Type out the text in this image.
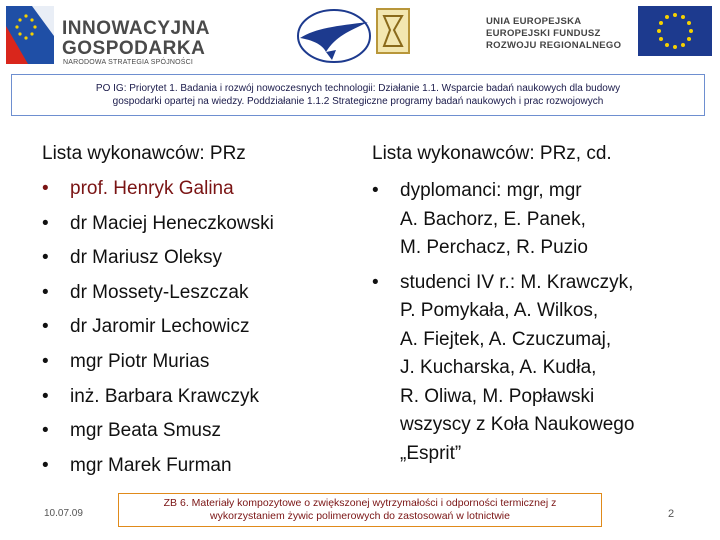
INNOWACYJNA
GOSPODARKA
NARODOWA STRATEGIA SPÓJNOŚCI
UNIA EUROPEJSKA
EUROPEJSKI FUNDUSZ
ROZWOJU REGIONALNEGO
PO IG: Priorytet 1. Badania i rozwój nowoczesnych technologii: Działanie 1.1. Wsparcie badań naukowych dla budowy
gospodarki opartej na wiedzy. Poddziałanie 1.1.2 Strategiczne programy badań naukowych i prac rozwojowych
Lista wykonawców: PRz
• prof. Henryk Galina
• dr Maciej Heneczkowski
• dr Mariusz Oleksy
• dr Mossety-Leszczak
• dr Jaromir Lechowicz
• mgr Piotr Murias
• inż. Barbara Krawczyk
• mgr Beata Smusz
• mgr Marek Furman
Lista wykonawców: PRz, cd.
• dyplomanci: mgr, mgr
A. Bachorz, E. Panek,
M. Perchacz, R. Puzio
• studenci IV r.: M. Krawczyk,
P. Pomykała, A. Wilkos,
A. Fiejtek, A. Czuczumaj,
J. Kucharska, A. Kudła,
R. Oliwa, M. Popławski
wszyscy z Koła Naukowego
„Esprit”
10.07.09
ZB 6. Materiały kompozytowe o zwiększonej wytrzymałości i odporności termicznej z
wykorzystaniem żywic polimerowych do zastosowań w lotnictwie	2
